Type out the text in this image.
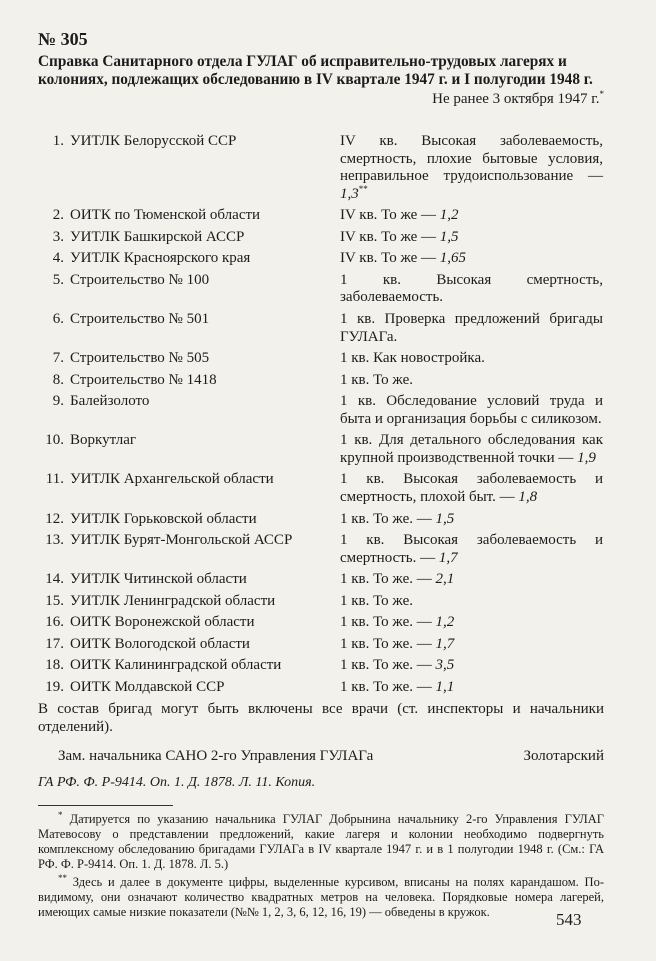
№ 305
Справка Санитарного отдела ГУЛАГ об исправительно-трудовых лагерях и колониях, подлежащих обследованию в IV квартале 1947 г. и I полугодии 1948 г.
Не ранее 3 октября 1947 г.*
1. УИТЛК Белорусской ССР	IV кв. Высокая заболеваемость, смертность, плохие бытовые условия, неправильное трудоиспользование — 1,3**
2. ОИТК по Тюменской области	IV кв. То же — 1,2
3. УИТЛК Башкирской АССР	IV кв. То же — 1,5
4. УИТЛК Красноярского края	IV кв. То же — 1,65
5. Строительство № 100	1 кв. Высокая смертность, заболеваемость.
6. Строительство № 501	1 кв. Проверка предложений бригады ГУЛАГа.
7. Строительство № 505	1 кв. Как новостройка.
8. Строительство № 1418	1 кв. То же.
9. Балейзолото	1 кв. Обследование условий труда и быта и организация борьбы с силикозом.
10. Воркутлаг	1 кв. Для детального обследования как крупной производственной точки — 1,9
11. УИТЛК Архангельской области	1 кв. Высокая заболеваемость и смертность, плохой быт. — 1,8
12. УИТЛК Горьковской области	1 кв. То же. — 1,5
13. УИТЛК Бурят-Монгольской АССР	1 кв. Высокая заболеваемость и смертность. — 1,7
14. УИТЛК Читинской области	1 кв. То же. — 2,1
15. УИТЛК Ленинградской области	1 кв. То же.
16. ОИТК Воронежской области	1 кв. То же. — 1,2
17. ОИТК Вологодской области	1 кв. То же. — 1,7
18. ОИТК Калининградской области	1 кв. То же. — 3,5
19. ОИТК Молдавской ССР	1 кв. То же. — 1,1
В состав бригад могут быть включены все врачи (ст. инспекторы и начальники отделений).
Зам. начальника САНО 2-го Управления ГУЛАГа	Золотарский
ГА РФ. Ф. Р-9414. Оп. 1. Д. 1878. Л. 11. Копия.
* Датируется по указанию начальника ГУЛАГ Добрынина начальнику 2-го Управления ГУЛАГ Матевосову о представлении предложений, какие лагеря и колонии необходимо подвергнуть комплексному обследованию бригадами ГУЛАГа в IV квартале 1947 г. и в 1 полугодии 1948 г. (См.: ГА РФ. Ф. Р-9414. Оп. 1. Д. 1878. Л. 5.)
** Здесь и далее в документе цифры, выделенные курсивом, вписаны на полях карандашом. По-видимому, они означают количество квадратных метров на человека. Порядковые номера лагерей, имеющих самые низкие показатели (№№ 1, 2, 3, 6, 12, 16, 19) — обведены в кружок.	543
